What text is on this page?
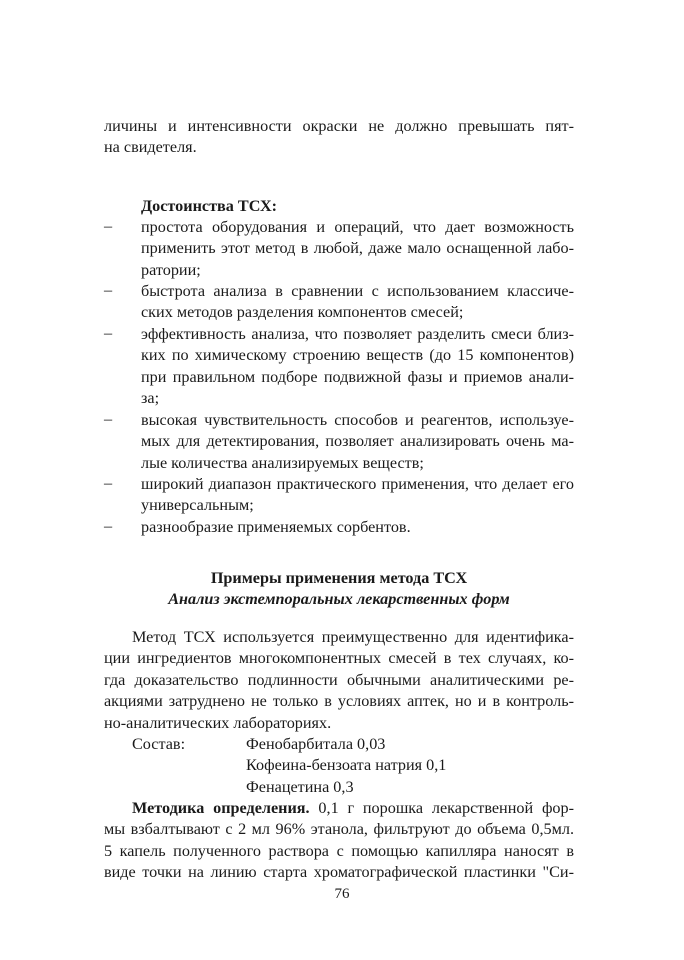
личины и интенсивности окраски не должно превышать пят-
на свидетеля.
Достоинства ТСХ:
–	простота оборудования и операций, что дает возможность
применить этот метод в любой, даже мало оснащенной лабо-
ратории;
–	быстрота анализа в сравнении с использованием классиче-
ских методов разделения компонентов смесей;
–	эффективность анализа, что позволяет разделить смеси близ-
ких по химическому строению веществ (до 15 компонентов)
при правильном подборе подвижной фазы и приемов анали-
за;
–	высокая чувствительность способов и реагентов, используе-
мых для детектирования, позволяет анализировать очень ма-
лые количества анализируемых веществ;
–	широкий диапазон практического применения, что делает его
универсальным;
–	разнообразие применяемых сорбентов.
Примеры применения метода ТСХ
Анализ экстемпоральных лекарственных форм
Метод ТСХ используется преимущественно для идентифика-
ции ингредиентов многокомпонентных смесей в тех случаях, ко-
гда доказательство подлинности обычными аналитическими ре-
акциями затруднено не только в условиях аптек, но и в контроль-
но-аналитических лабораториях.
Состав:	Фенобарбитала 0,03
Кофеина-бензоата натрия 0,1
Фенацетина 0,3
Методика определения. 0,1 г порошка лекарственной фор-
мы взбалтывают с 2 мл 96% этанола, фильтруют до объема 0,5мл.
5 капель полученного раствора с помощью капилляра наносят в
виде точки на линию старта хроматографической пластинки "Си-
76
